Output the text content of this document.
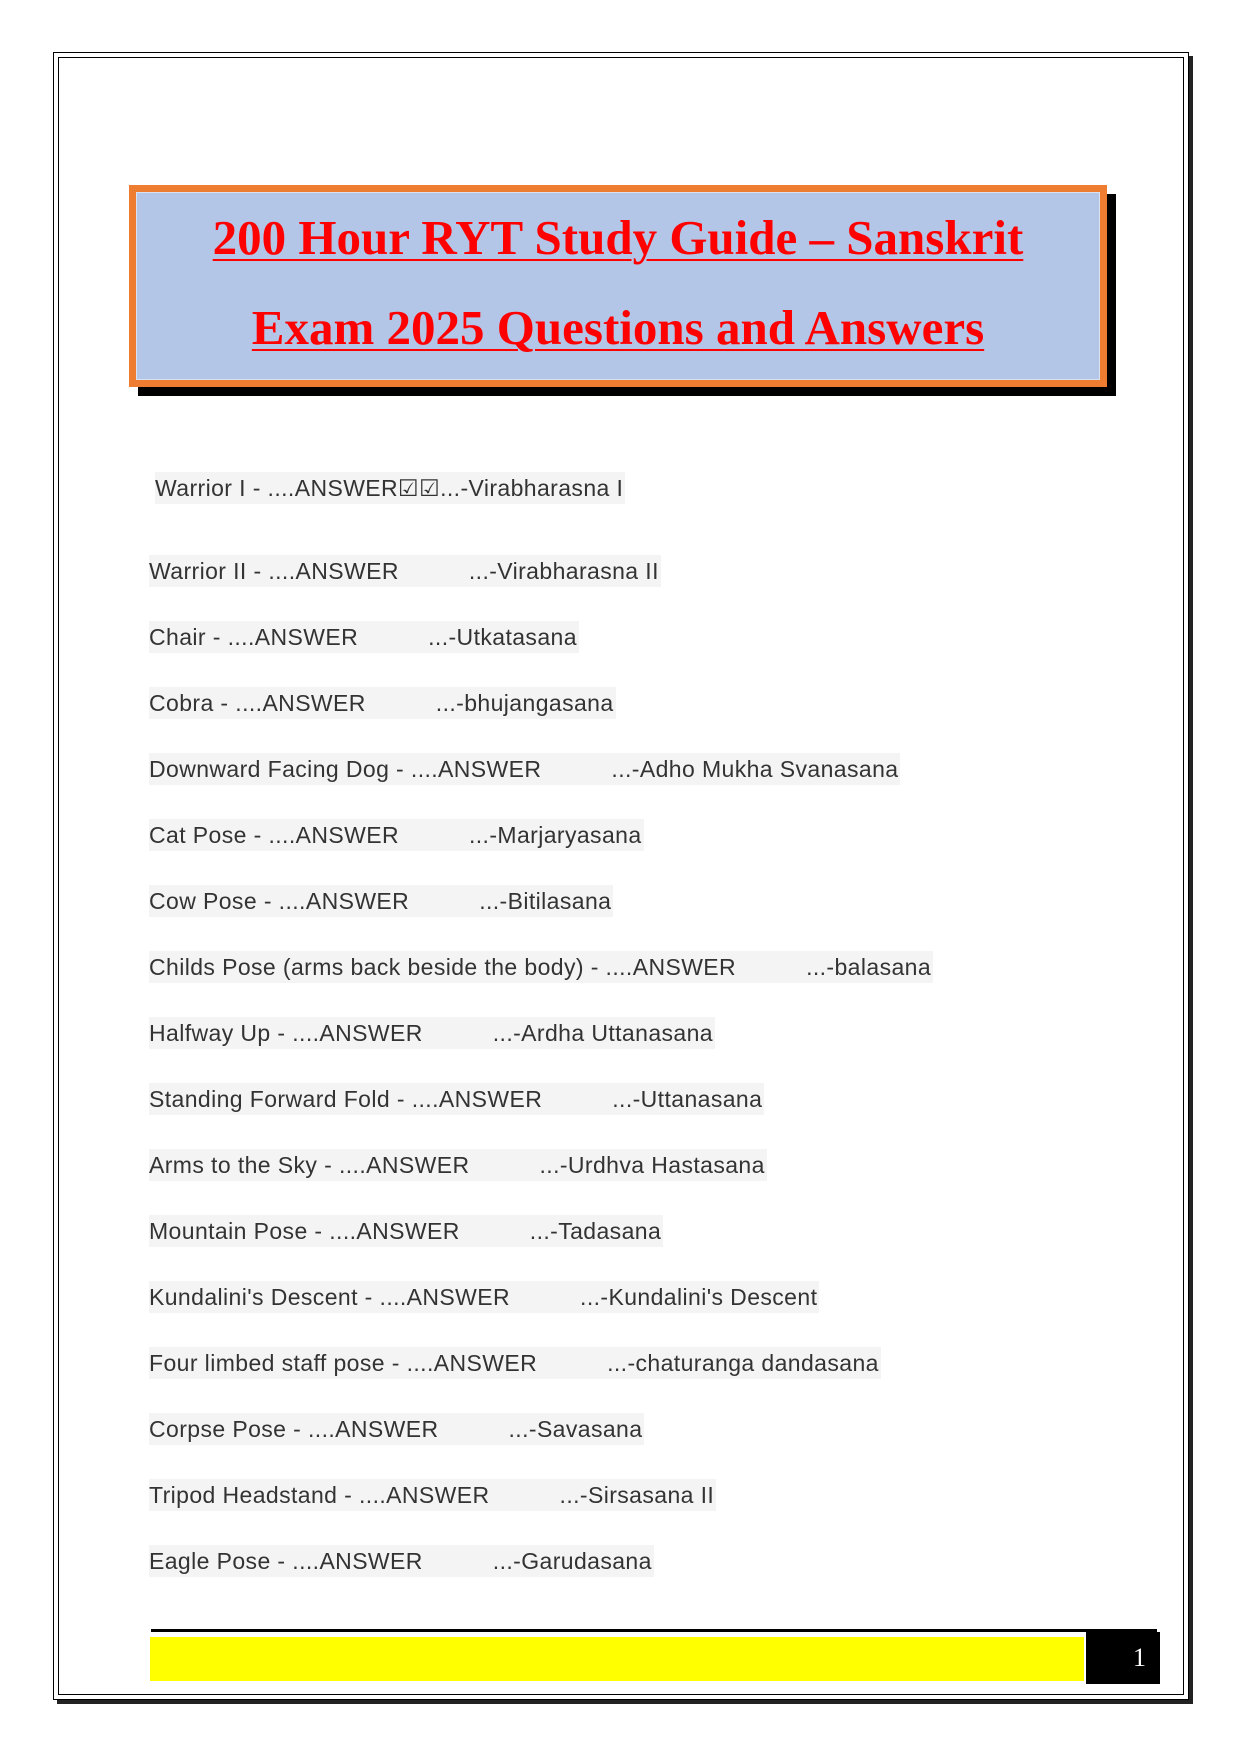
200 Hour RYT Study Guide – Sanskrit
Exam 2025 Questions and Answers
Warrior I - ....ANSWER☑☑...-Virabharasna I
Warrior II - ....ANSWER	...-Virabharasna II
Chair - ....ANSWER	...-Utkatasana
Cobra - ....ANSWER	...-bhujangasana
Downward Facing Dog - ....ANSWER	...-Adho Mukha Svanasana
Cat Pose - ....ANSWER	...-Marjaryasana
Cow Pose - ....ANSWER	...-Bitilasana
Childs Pose (arms back beside the body) - ....ANSWER	...-balasana
Halfway Up - ....ANSWER	...-Ardha Uttanasana
Standing Forward Fold - ....ANSWER	...-Uttanasana
Arms to the Sky - ....ANSWER	...-Urdhva Hastasana
Mountain Pose - ....ANSWER	...-Tadasana
Kundalini's Descent - ....ANSWER	...-Kundalini's Descent
Four limbed staff pose - ....ANSWER	...-chaturanga dandasana
Corpse Pose - ....ANSWER	...-Savasana
Tripod Headstand - ....ANSWER	...-Sirsasana II
Eagle Pose - ....ANSWER	...-Garudasana
1
